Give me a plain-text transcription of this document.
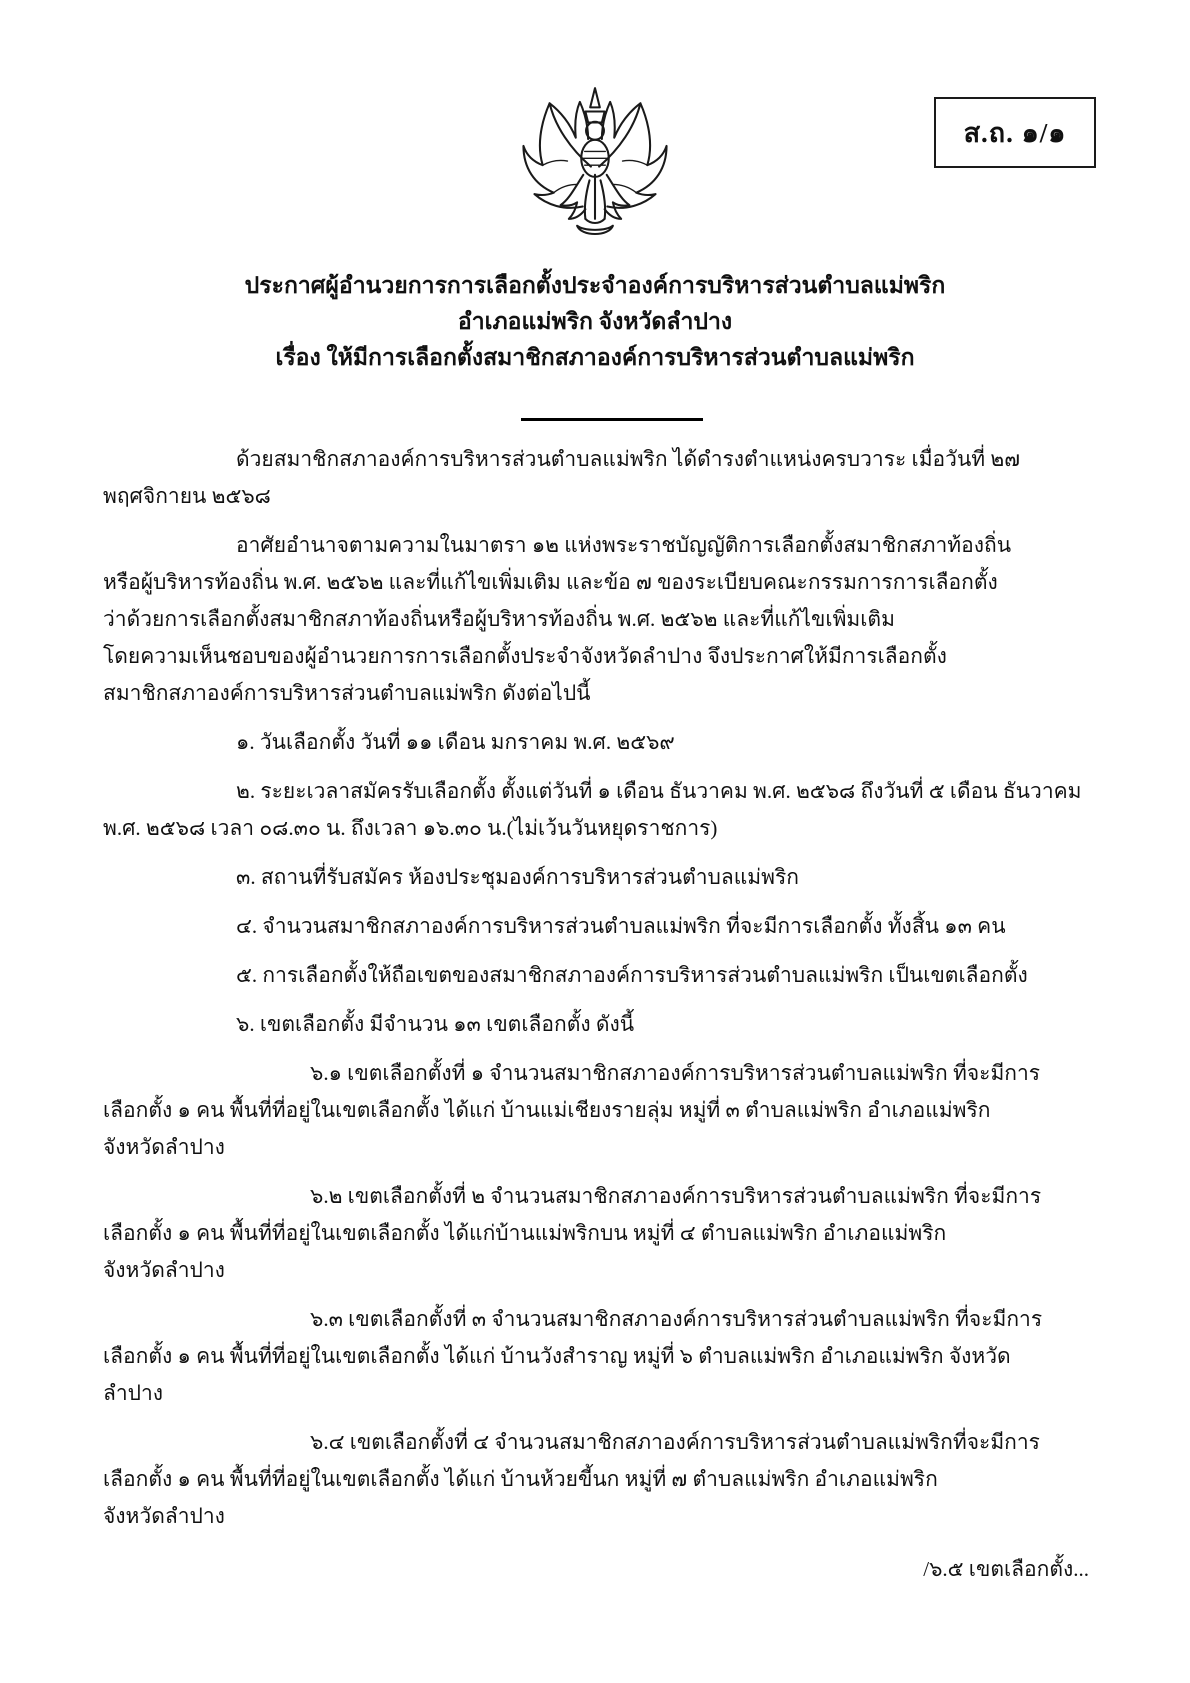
ส.ถ. ๑/๑
ประกาศผู้อำนวยการการเลือกตั้งประจำองค์การบริหารส่วนตำบลแม่พริก
อำเภอแม่พริก จังหวัดลำปาง
เรื่อง ให้มีการเลือกตั้งสมาชิกสภาองค์การบริหารส่วนตำบลแม่พริก
ด้วยสมาชิกสภาองค์การบริหารส่วนตำบลแม่พริก ได้ดำรงตำแหน่งครบวาระ เมื่อวันที่ ๒๗
พฤศจิกายน ๒๕๖๘
อาศัยอำนาจตามความในมาตรา ๑๒ แห่งพระราชบัญญัติการเลือกตั้งสมาชิกสภาท้องถิ่น
หรือผู้บริหารท้องถิ่น พ.ศ. ๒๕๖๒ และที่แก้ไขเพิ่มเติม และข้อ ๗ ของระเบียบคณะกรรมการการเลือกตั้ง
ว่าด้วยการเลือกตั้งสมาชิกสภาท้องถิ่นหรือผู้บริหารท้องถิ่น พ.ศ. ๒๕๖๒ และที่แก้ไขเพิ่มเติม
โดยความเห็นชอบของผู้อำนวยการการเลือกตั้งประจำจังหวัดลำปาง จึงประกาศให้มีการเลือกตั้ง
สมาชิกสภาองค์การบริหารส่วนตำบลแม่พริก ดังต่อไปนี้
๑. วันเลือกตั้ง วันที่ ๑๑ เดือน มกราคม พ.ศ. ๒๕๖๙
๒. ระยะเวลาสมัครรับเลือกตั้ง ตั้งแต่วันที่ ๑ เดือน ธันวาคม พ.ศ. ๒๕๖๘ ถึงวันที่ ๕ เดือน ธันวาคม
พ.ศ. ๒๕๖๘ เวลา ๐๘.๓๐ น. ถึงเวลา ๑๖.๓๐ น.(ไม่เว้นวันหยุดราชการ)
๓. สถานที่รับสมัคร ห้องประชุมองค์การบริหารส่วนตำบลแม่พริก
๔. จำนวนสมาชิกสภาองค์การบริหารส่วนตำบลแม่พริก ที่จะมีการเลือกตั้ง ทั้งสิ้น ๑๓ คน
๕. การเลือกตั้งให้ถือเขตของสมาชิกสภาองค์การบริหารส่วนตำบลแม่พริก เป็นเขตเลือกตั้ง
๖. เขตเลือกตั้ง มีจำนวน ๑๓ เขตเลือกตั้ง ดังนี้
๖.๑ เขตเลือกตั้งที่ ๑ จำนวนสมาชิกสภาองค์การบริหารส่วนตำบลแม่พริก ที่จะมีการ
เลือกตั้ง ๑ คน พื้นที่ที่อยู่ในเขตเลือกตั้ง ได้แก่ บ้านแม่เชียงรายลุ่ม หมู่ที่ ๓ ตำบลแม่พริก อำเภอแม่พริก
จังหวัดลำปาง
๖.๒ เขตเลือกตั้งที่ ๒ จำนวนสมาชิกสภาองค์การบริหารส่วนตำบลแม่พริก ที่จะมีการ
เลือกตั้ง ๑ คน พื้นที่ที่อยู่ในเขตเลือกตั้ง ได้แก่บ้านแม่พริกบน หมู่ที่ ๔ ตำบลแม่พริก อำเภอแม่พริก
จังหวัดลำปาง
๖.๓ เขตเลือกตั้งที่ ๓ จำนวนสมาชิกสภาองค์การบริหารส่วนตำบลแม่พริก ที่จะมีการ
เลือกตั้ง ๑ คน พื้นที่ที่อยู่ในเขตเลือกตั้ง ได้แก่ บ้านวังสำราญ หมู่ที่ ๖ ตำบลแม่พริก อำเภอแม่พริก จังหวัด
ลำปาง
๖.๔ เขตเลือกตั้งที่ ๔ จำนวนสมาชิกสภาองค์การบริหารส่วนตำบลแม่พริกที่จะมีการ
เลือกตั้ง ๑ คน พื้นที่ที่อยู่ในเขตเลือกตั้ง ได้แก่ บ้านห้วยขี้นก หมู่ที่ ๗ ตำบลแม่พริก อำเภอแม่พริก
จังหวัดลำปาง
/๖.๕ เขตเลือกตั้ง...
